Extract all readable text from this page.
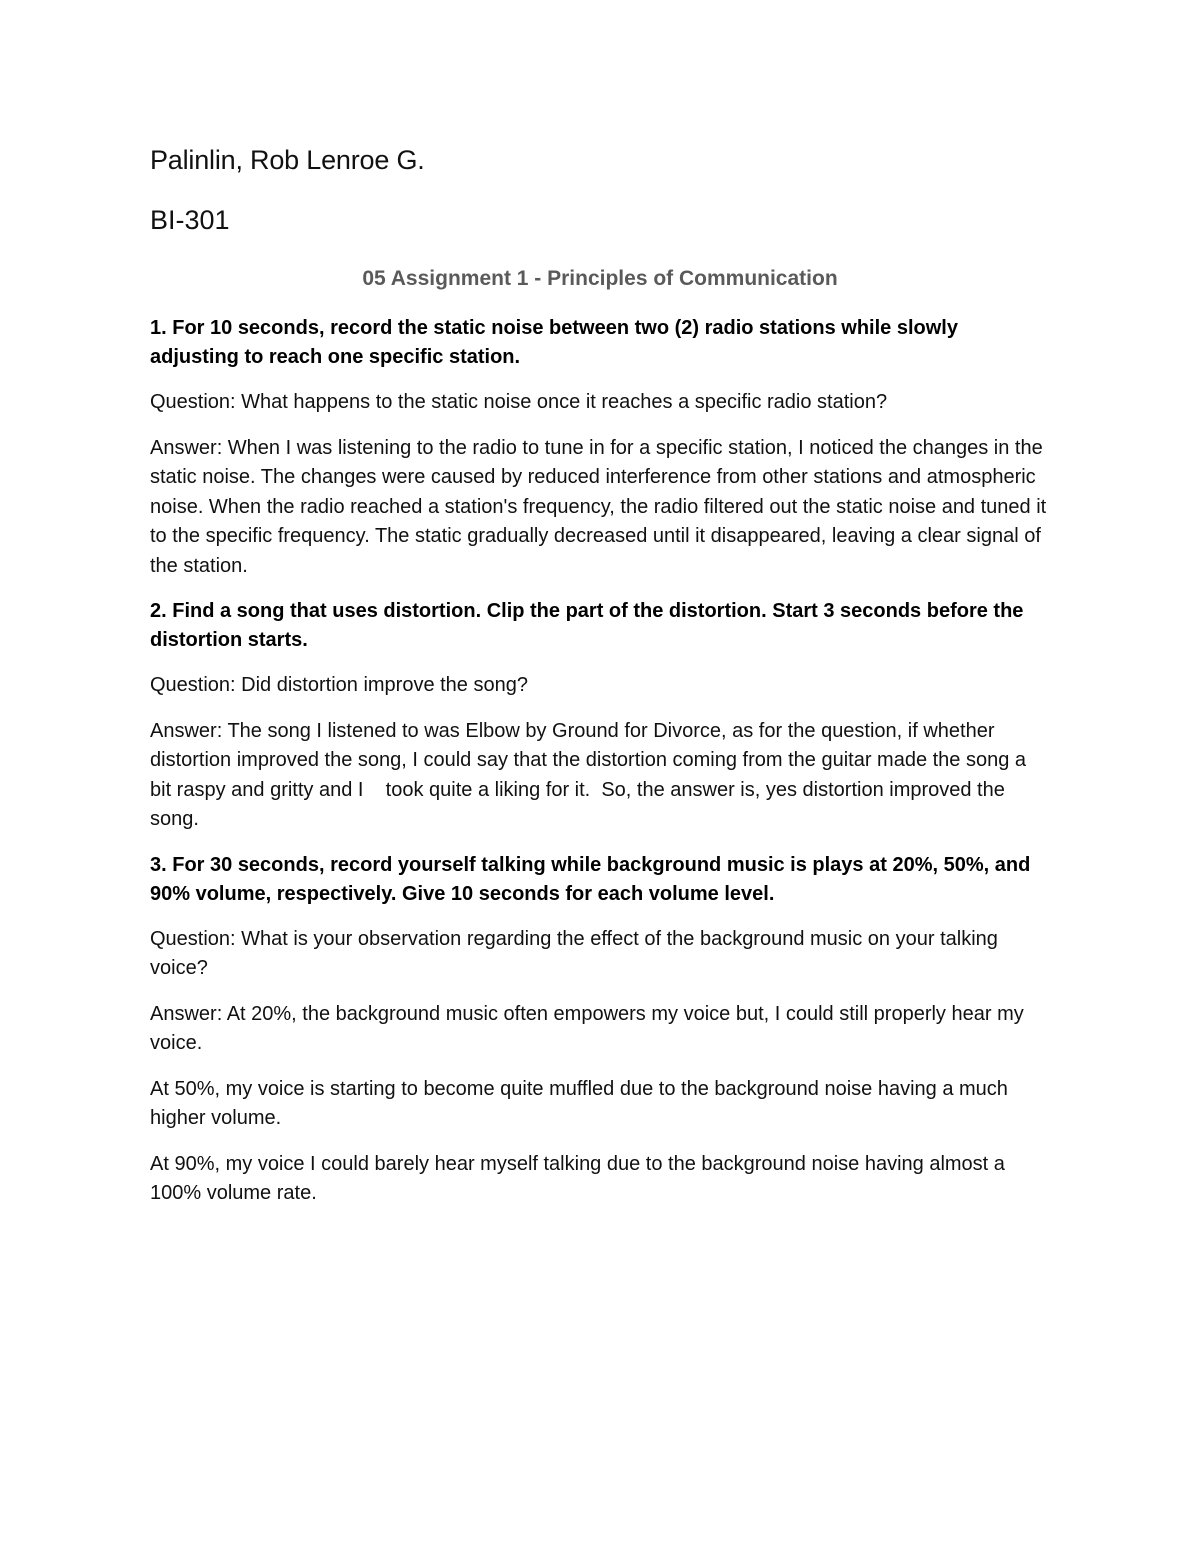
Palinlin, Rob Lenroe G.

BI-301

05 Assignment 1 - Principles of Communication

1. For 10 seconds, record the static noise between two (2) radio stations while slowly adjusting to reach one specific station.

Question: What happens to the static noise once it reaches a specific radio station?

Answer: When I was listening to the radio to tune in for a specific station, I noticed the changes in the static noise. The changes were caused by reduced interference from other stations and atmospheric noise. When the radio reached a station's frequency, the radio filtered out the static noise and tuned it to the specific frequency. The static gradually decreased until it disappeared, leaving a clear signal of the station.

2. Find a song that uses distortion. Clip the part of the distortion. Start 3 seconds before the distortion starts.

Question: Did distortion improve the song?

Answer: The song I listened to was Elbow by Ground for Divorce, as for the question, if whether distortion improved the song, I could say that the distortion coming from the guitar made the song a bit raspy and gritty and I    took quite a liking for it.  So, the answer is, yes distortion improved the song.

3. For 30 seconds, record yourself talking while background music is plays at 20%, 50%, and 90% volume, respectively. Give 10 seconds for each volume level.

Question: What is your observation regarding the effect of the background music on your talking voice?

Answer: At 20%, the background music often empowers my voice but, I could still properly hear my voice.

At 50%, my voice is starting to become quite muffled due to the background noise having a much higher volume.

At 90%, my voice I could barely hear myself talking due to the background noise having almost a 100% volume rate.
